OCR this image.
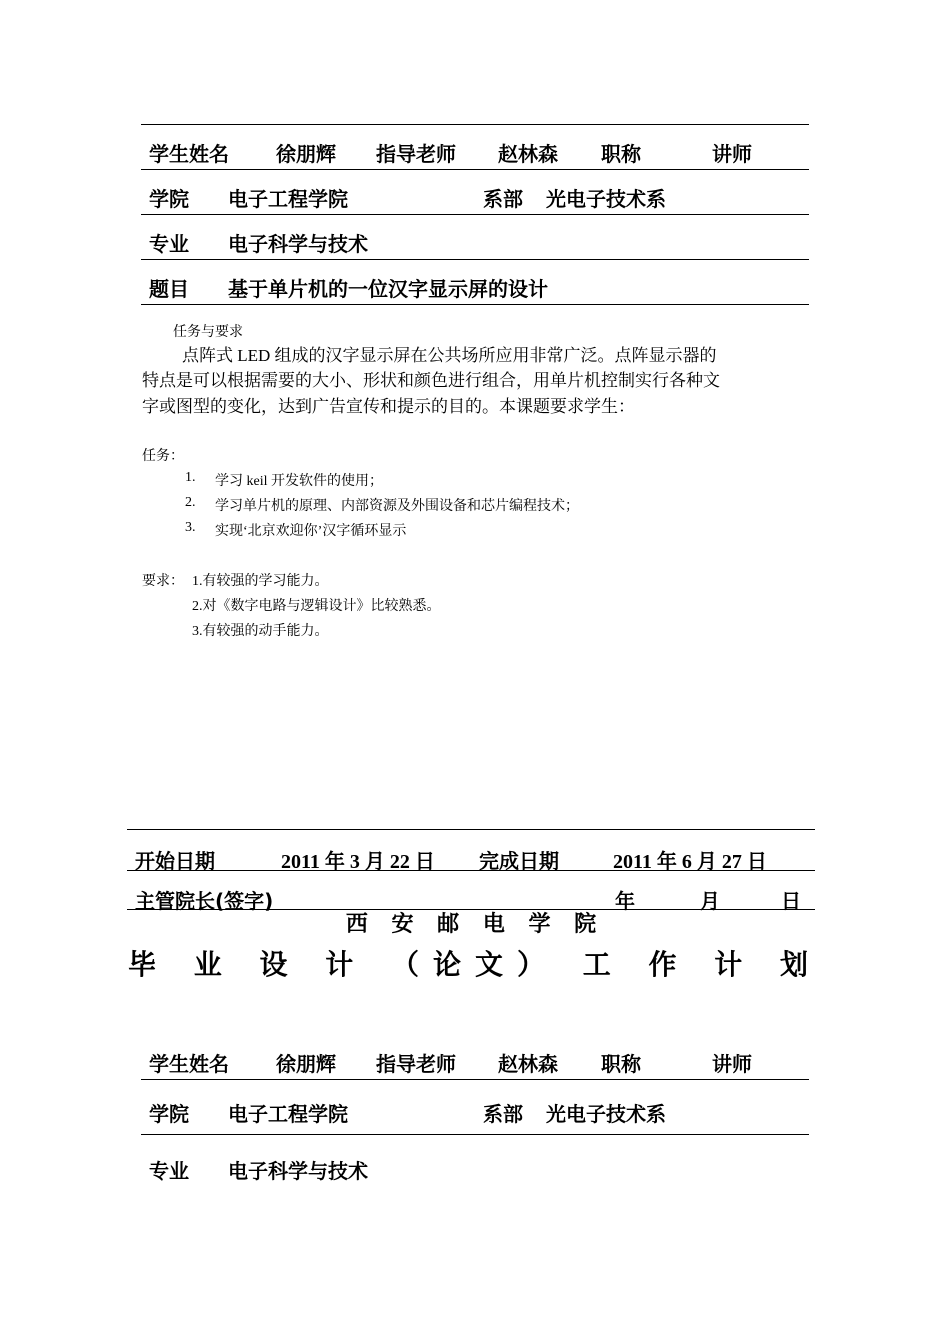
学生姓名 徐朋辉 指导老师 赵林森 职称	讲师
学院 电子工程学院	系部 光电子技术系
专业 电子科学与技术
题目 基于单片机的一位汉字显示屏的设计
任务与要求
点阵式 LED 组成的汉字显示屏在公共场所应用非常广泛。点阵显示器的
特点是可以根据需要的大小、形状和颜色进行组合，用单片机控制实行各种文
字或图型的变化，达到广告宣传和提示的目的。本课题要求学生：
任务：
1. 学习 keil 开发软件的使用；
2. 学习单片机的原理、内部资源及外围设备和芯片编程技术；
3. 实现‘北京欢迎你’汉字循环显示
要求： 1.有较强的学习能力。
2.对《数字电路与逻辑设计》比较熟悉。
3.有较强的动手能力。
开始日期	2011 年 3 月 22 日 完成日期	2011 年 6 月 27 日
主管院长(签字)	年	月	日
西 安 邮 电 学 院
毕 业 设 计 （论文） 工 作 计 划
学生姓名 徐朋辉 指导老师 赵林森 职称	讲师
学院 电子工程学院	系部 光电子技术系
专业 电子科学与技术
